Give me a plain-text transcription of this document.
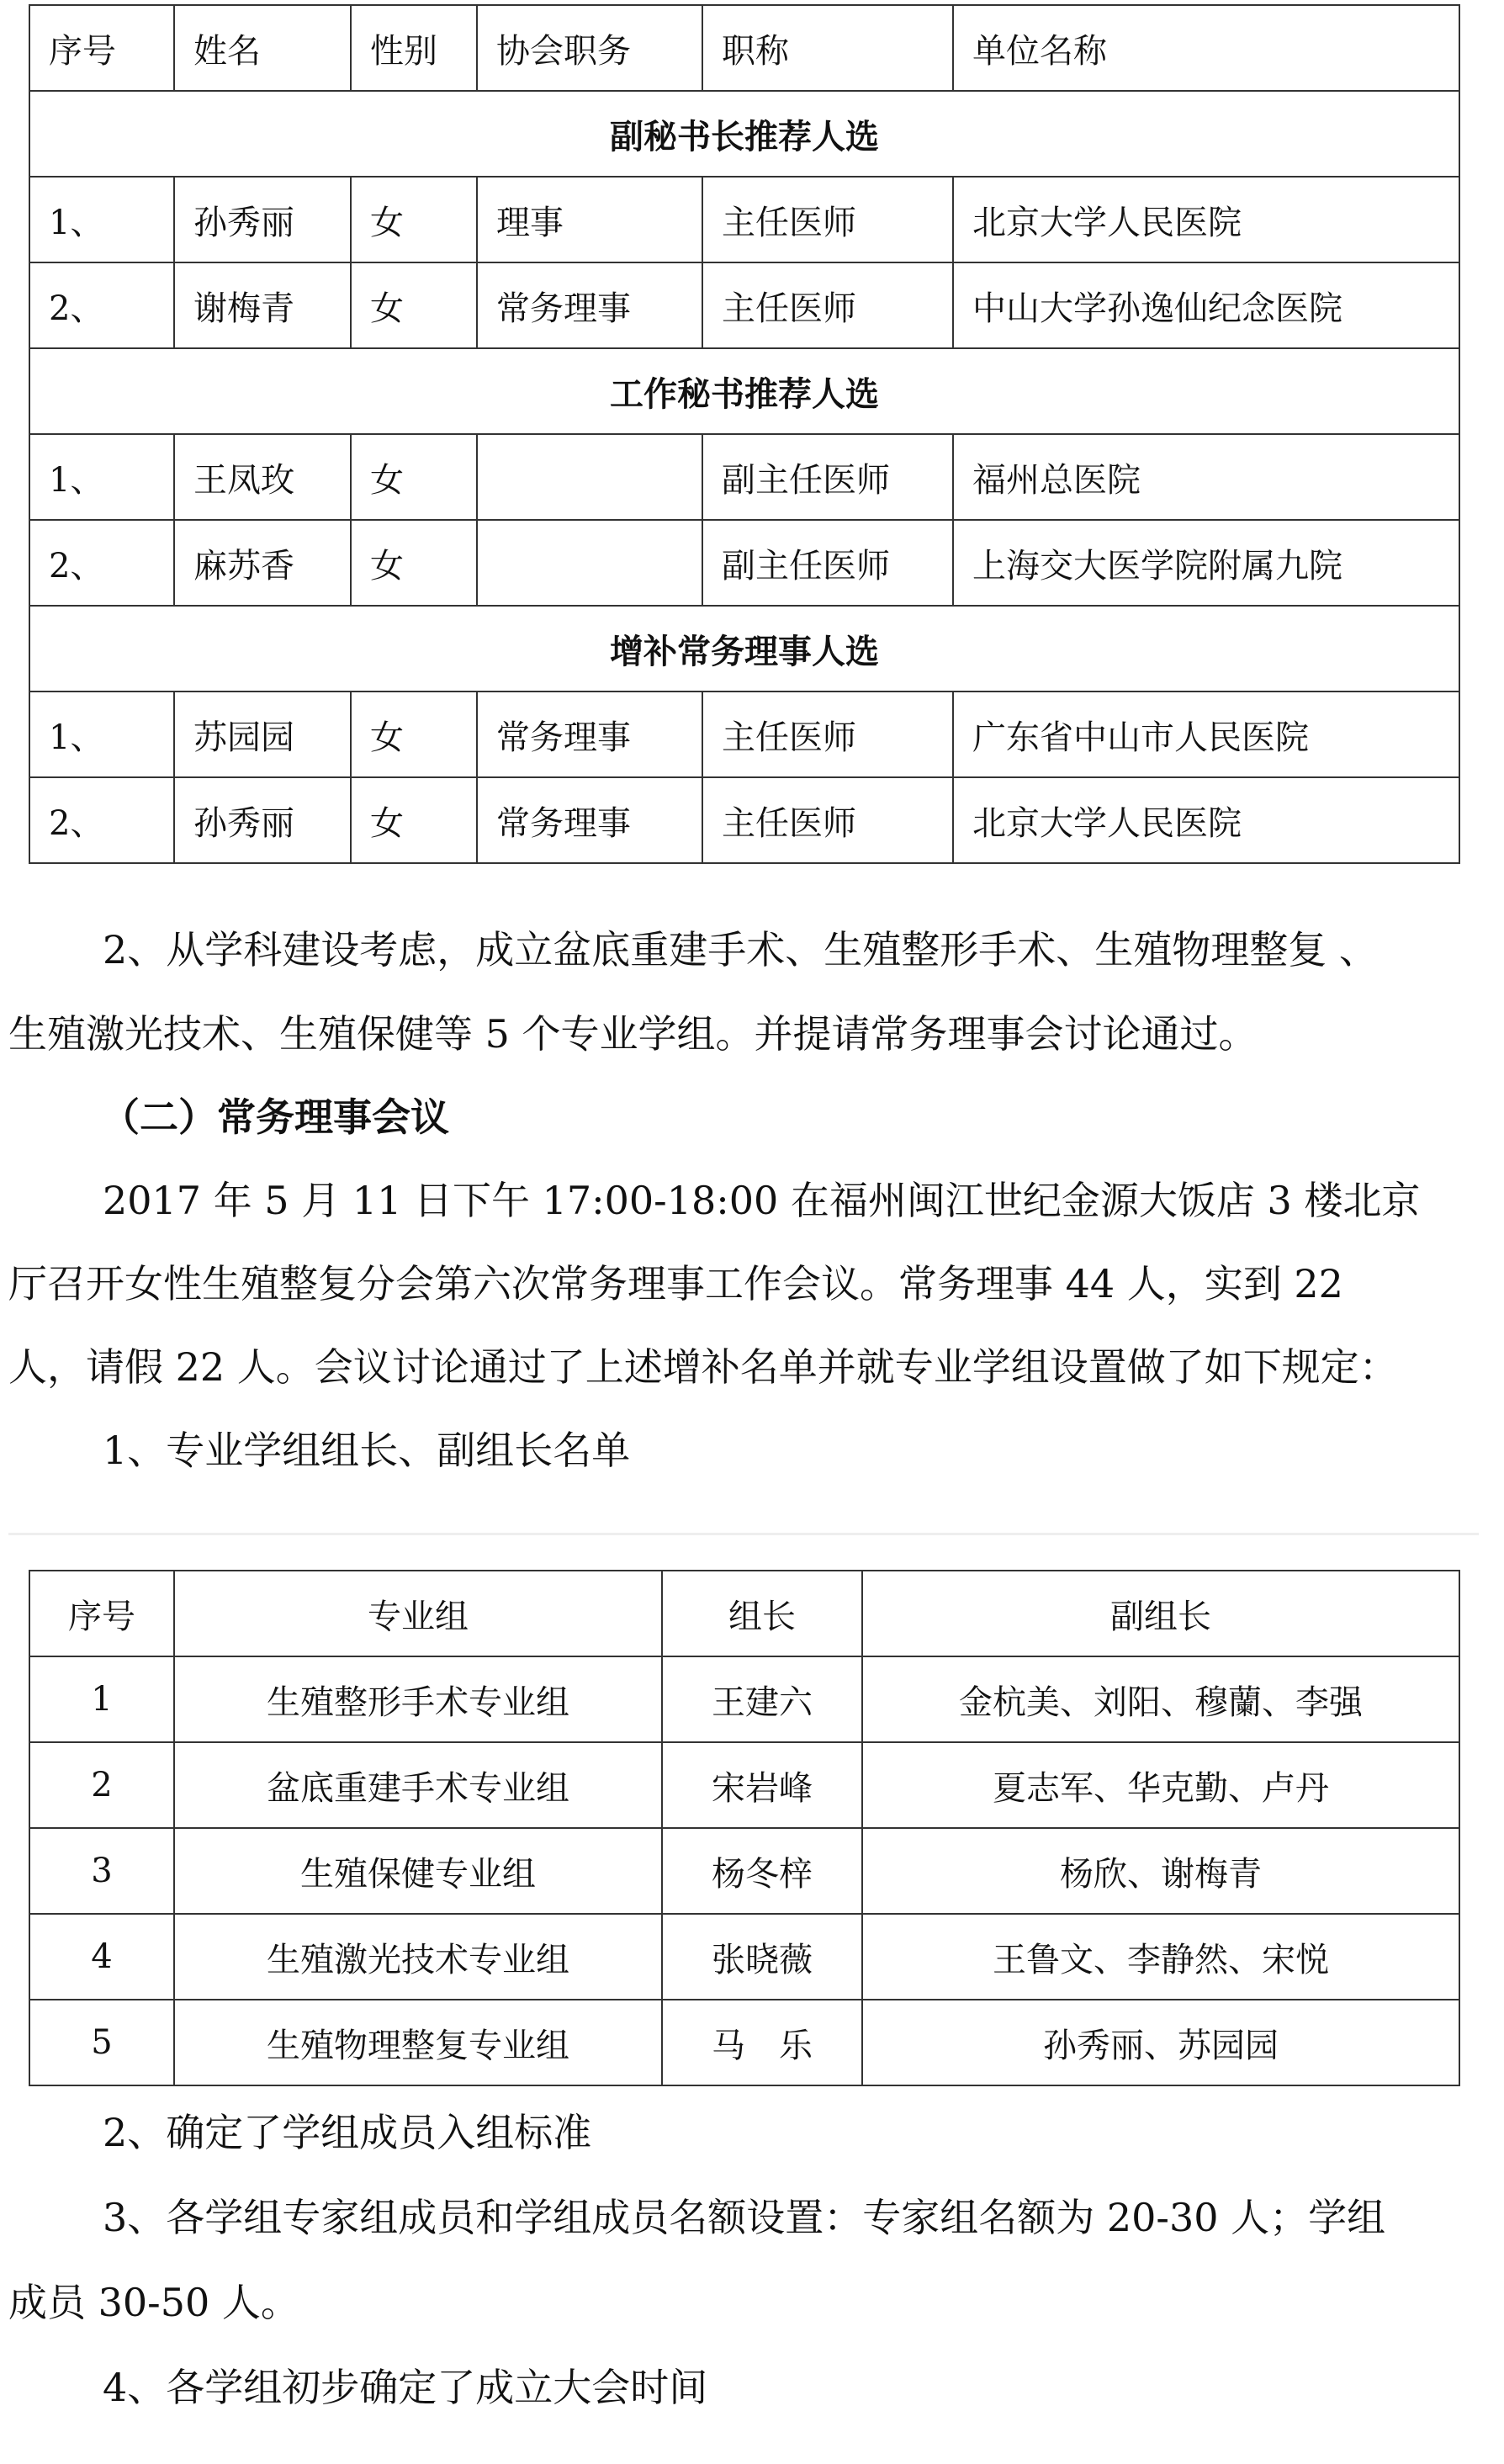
序号	姓名	性别	协会职务	职称	单位名称
副秘书长推荐人选					
1、	孙秀丽	女	理事	主任医师	北京大学人民医院
2、	谢梅青	女	常务理事	主任医师	中山大学孙逸仙纪念医院
工作秘书推荐人选					
1、	王凤玫	女		副主任医师	福州总医院
2、	麻苏香	女		副主任医师	上海交大医学院附属九院
增补常务理事人选					
1、	苏园园	女	常务理事	主任医师	广东省中山市人民医院
2、	孙秀丽	女	常务理事	主任医师	北京大学人民医院

2、从学科建设考虑，成立盆底重建手术、生殖整形手术、生殖物理整复 、

生殖激光技术、生殖保健等 5 个专业学组。并提请常务理事会讨论通过。

（二）常务理事会议

2017 年 5 月 11 日下午 17:00-18:00 在福州闽江世纪金源大饭店 3 楼北京

厅召开女性生殖整复分会第六次常务理事工作会议。常务理事 44 人，实到 22

人，请假 22 人。会议讨论通过了上述增补名单并就专业学组设置做了如下规定：

1、专业学组组长、副组长名单

序号	专业组	组长	副组长
1	生殖整形手术专业组	王建六	金杭美、刘阳、穆蘭、李强
2	盆底重建手术专业组	宋岩峰	夏志军、华克勤、卢丹
3	生殖保健专业组	杨冬梓	杨欣、谢梅青
4	生殖激光技术专业组	张晓薇	王鲁文、李静然、宋悦
5	生殖物理整复专业组	马　乐	孙秀丽、苏园园

2、确定了学组成员入组标准

3、各学组专家组成员和学组成员名额设置：专家组名额为 20-30 人；学组

成员 30-50 人。

4、各学组初步确定了成立大会时间
